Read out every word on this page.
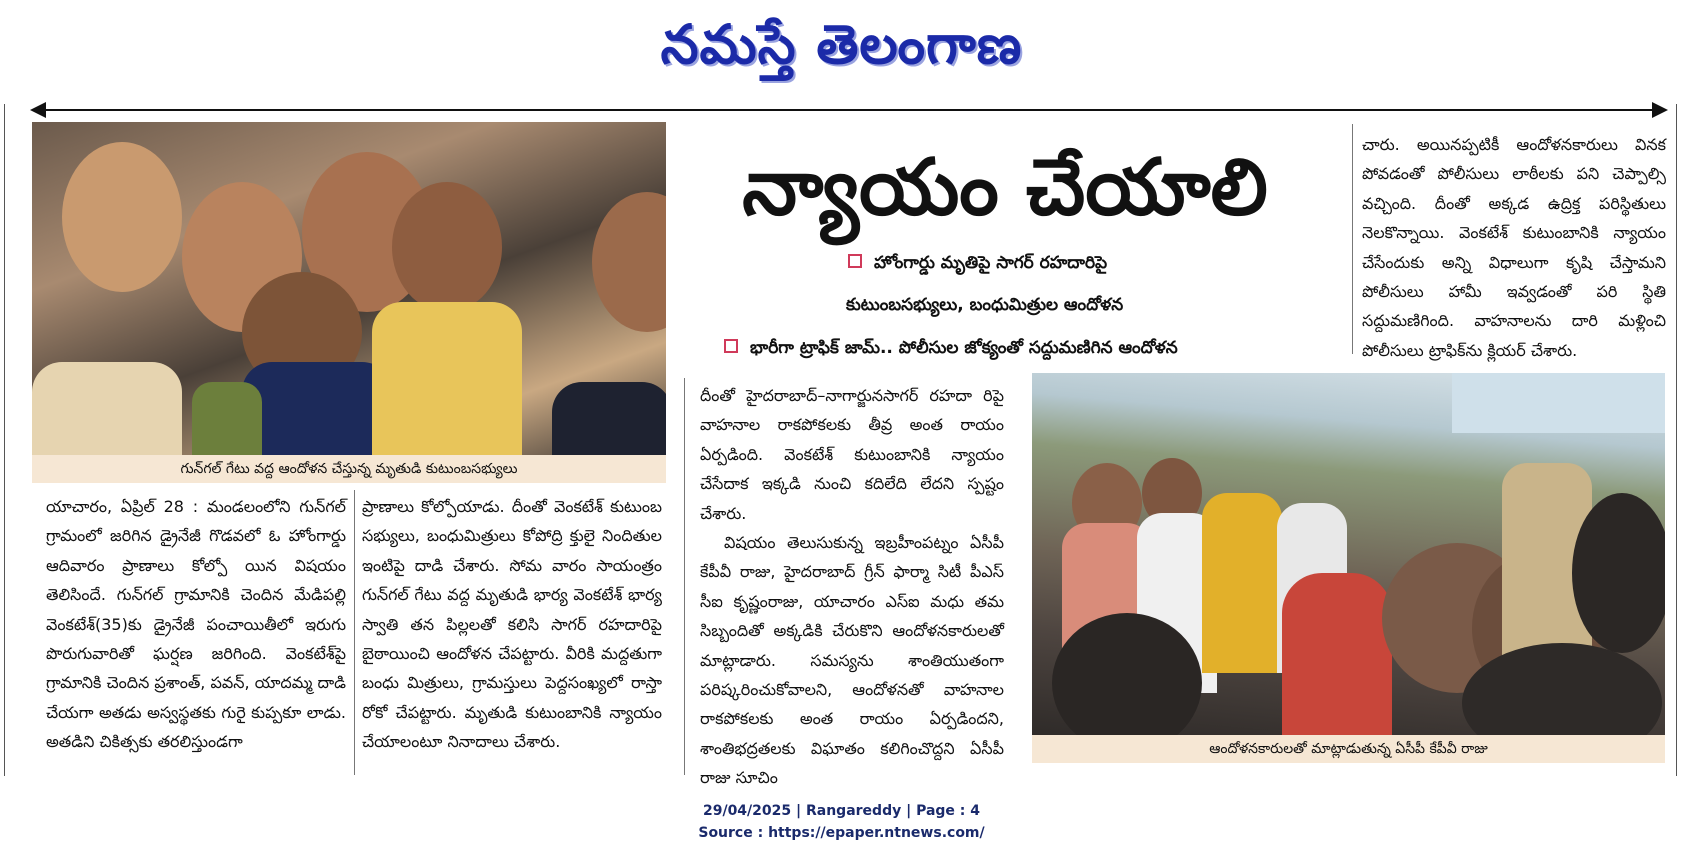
నమస్తే తెలంగాణ
గున్‌గల్ గేటు వద్ద ఆందోళన చేస్తున్న మృతుడి కుటుంబసభ్యులు
న్యాయం చేయాలి
హోంగార్డు మృతిపై సాగర్ రహదారిపై
కుటుంబసభ్యులు, బంధుమిత్రుల ఆందోళన
భారీగా ట్రాఫిక్ జామ్.. పోలీసుల జోక్యంతో సద్దుమణిగిన ఆందోళన

యాచారం, ఏప్రిల్ 28 : మండలంలోని గున్‌గల్ గ్రామంలో జరిగిన డ్రైనేజీ గొడవలో ఓ హోంగార్డు ఆదివారం ప్రాణాలు కోల్పో యిన విషయం తెలిసిందే. గున్‌గల్ గ్రామానికి చెందిన మేడిపల్లి వెంకటేశ్(35)కు డ్రైనేజీ పంచాయితీలో ఇరుగు పొరుగువారితో ఘర్షణ జరిగింది. వెంకటేశ్‌పై గ్రామానికి చెందిన ప్రశాంత్, పవన్, యాదమ్మ దాడి చేయగా అతడు అస్వస్థతకు గురై కుప్పకూ లాడు. అతడిని చికిత్సకు తరలిస్తుండగా

ప్రాణాలు కోల్పోయాడు. దీంతో వెంకటేశ్ కుటుంబ సభ్యులు, బంధుమిత్రులు కోపోద్రి క్తులై నిందితుల ఇంటిపై దాడి చేశారు. సోమ వారం సాయంత్రం గున్‌గల్ గేటు వద్ద మృతుడి భార్య వెంకటేశ్ భార్య స్వాతి తన పిల్లలతో కలిసి సాగర్ రహదారిపై బైఠాయించి ఆందోళన చేపట్టారు. వీరికి మద్దతుగా బంధు మిత్రులు, గ్రామస్తులు పెద్దసంఖ్యలో రాస్తా రోకో చేపట్టారు. మృతుడి కుటుంబానికి న్యాయం చేయాలంటూ నినాదాలు చేశారు.

దీంతో హైదరాబాద్–నాగార్జునసాగర్ రహదా రిపై వాహనాల రాకపోకలకు తీవ్ర అంత రాయం ఏర్పడింది. వెంకటేశ్ కుటుంబానికి న్యాయం చేసేదాక ఇక్కడి నుంచి కదిలేది లేదని స్పష్టం చేశారు.

విషయం తెలుసుకున్న ఇబ్రహీంపట్నం ఏసీపీ కేపీవీ రాజు, హైదరాబాద్ గ్రీన్ ఫార్మా సిటీ పీఎస్ సీఐ కృష్ణంరాజు, యాచారం ఎస్ఐ మధు తమ సిబ్బందితో అక్కడికి చేరుకొని ఆందోళనకారులతో మాట్లాడారు. సమస్యను శాంతియుతంగా పరిష్కరించుకోవాలని, ఆందోళనతో వాహనాల రాకపోకలకు అంత రాయం ఏర్పడిందని, శాంతిభద్రతలకు విఘాతం కలిగించొద్దని ఏసీపీ రాజు సూచిం

చారు. అయినప్పటికీ ఆందోళనకారులు వినక పోవడంతో పోలీసులు లాఠీలకు పని చెప్పాల్సి వచ్చింది. దీంతో అక్కడ ఉద్రిక్త పరిస్థితులు నెలకొన్నాయి. వెంకటేశ్ కుటుంబానికి న్యాయం చేసేందుకు అన్ని విధాలుగా కృషి చేస్తామని పోలీసులు హామీ ఇవ్వడంతో పరి స్థితి సద్దుమణిగింది. వాహనాలను దారి మళ్లించి పోలీసులు ట్రాఫిక్‌ను క్లియర్ చేశారు.

ఆందోళనకారులతో మాట్లాడుతున్న ఏసీపీ కేపీవీ రాజు
29/04/2025 | Rangareddy | Page : 4
Source : https://epaper.ntnews.com/
